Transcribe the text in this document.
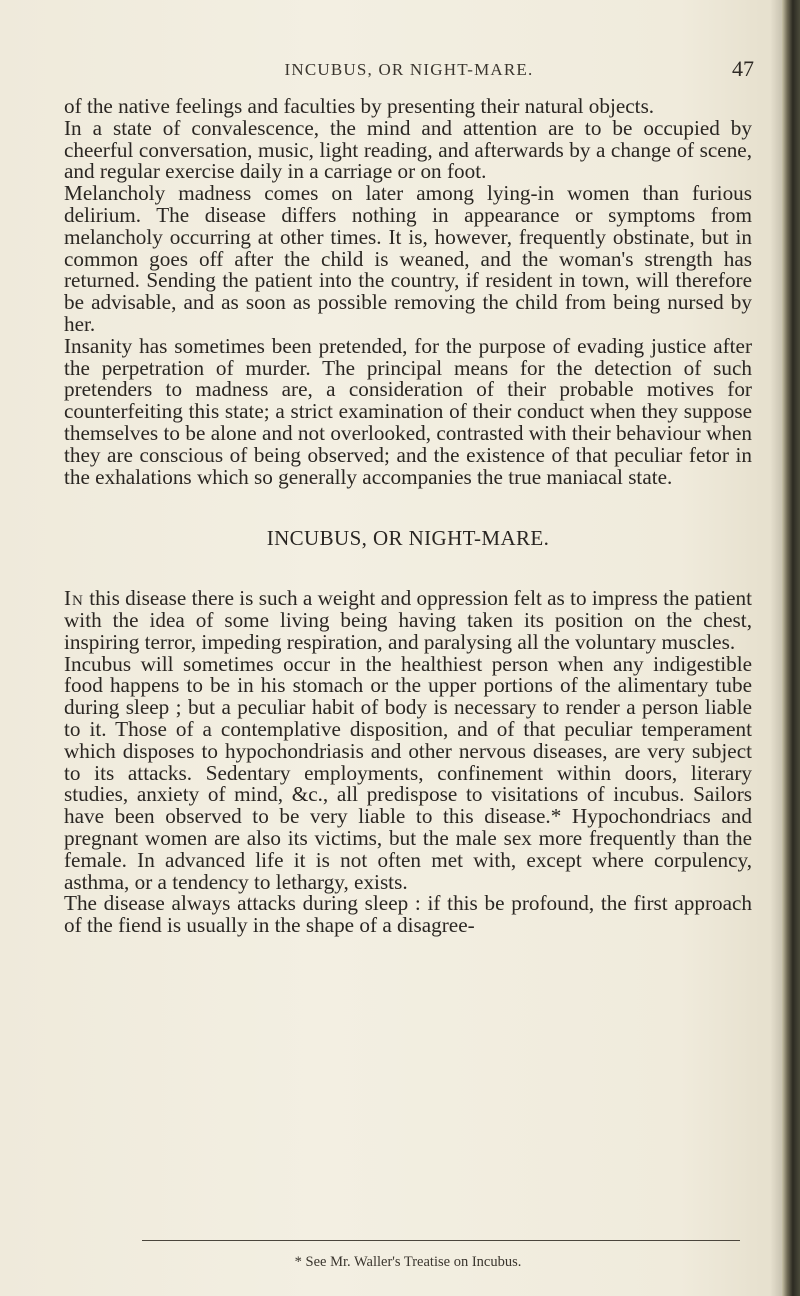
INCUBUS, OR NIGHT-MARE.	47

of the native feelings and faculties by presenting their natural objects.

In a state of convalescence, the mind and attention are to be occupied by cheerful conversation, music, light reading, and afterwards by a change of scene, and regular exercise daily in a carriage or on foot.

Melancholy madness comes on later among lying-in women than furious delirium. The disease differs nothing in appearance or symptoms from melancholy occurring at other times. It is, however, frequently obstinate, but in common goes off after the child is weaned, and the woman's strength has returned. Sending the patient into the country, if resident in town, will therefore be advisable, and as soon as possible removing the child from being nursed by her.

Insanity has sometimes been pretended, for the purpose of evading justice after the perpetration of murder. The principal means for the detection of such pretenders to madness are, a consideration of their probable motives for counterfeiting this state; a strict examination of their conduct when they suppose themselves to be alone and not overlooked, contrasted with their behaviour when they are conscious of being observed; and the existence of that peculiar fetor in the exhalations which so generally accompanies the true maniacal state.

INCUBUS, OR NIGHT-MARE.

In this disease there is such a weight and oppression felt as to impress the patient with the idea of some living being having taken its position on the chest, inspiring terror, impeding respiration, and paralysing all the voluntary muscles.

Incubus will sometimes occur in the healthiest person when any indigestible food happens to be in his stomach or the upper portions of the alimentary tube during sleep ; but a peculiar habit of body is necessary to render a person liable to it. Those of a contemplative disposition, and of that peculiar temperament which disposes to hypochondriasis and other nervous diseases, are very subject to its attacks. Sedentary employments, confinement within doors, literary studies, anxiety of mind, &c., all predispose to visitations of incubus. Sailors have been observed to be very liable to this disease.* Hypochondriacs and pregnant women are also its victims, but the male sex more frequently than the female. In advanced life it is not often met with, except where corpulency, asthma, or a tendency to lethargy, exists.

The disease always attacks during sleep : if this be profound, the first approach of the fiend is usually in the shape of a disagree-

* See Mr. Waller's Treatise on Incubus.
